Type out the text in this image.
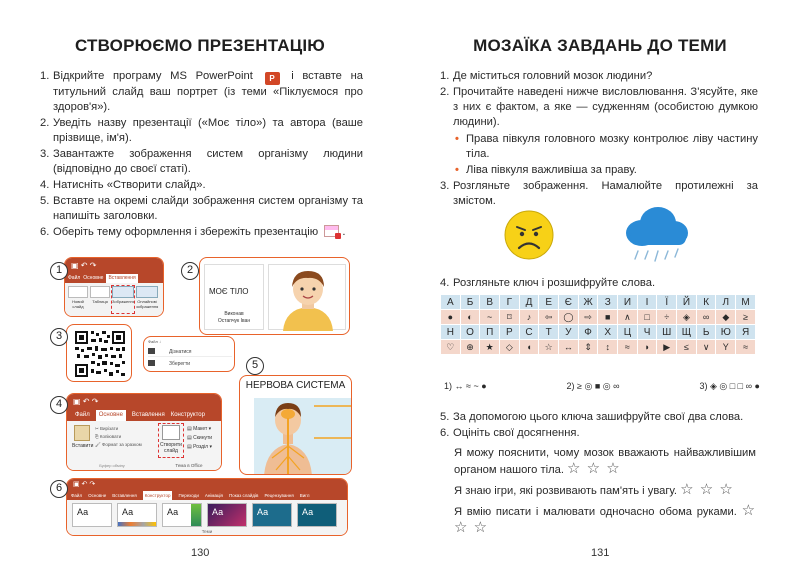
СТВОРЮЄМО ПРЕЗЕНТАЦІЮ
1. Відкрийте програму MS PowerPoint P і вставте на титульний слайд ваш портрет (із теми «Піклуємося про здоров'я»).
2. Уведіть назву презентації («Моє тіло») та автора (ваше прізвище, ім'я).
3. Завантажте зображення систем організму людини (відповідно до своєї статі).
4. Натисніть «Створити слайд».
5. Вставте на окремі слайди зображення систем організму та напишіть заголовки.
6. Оберіть тему оформлення і збережіть презентацію .
▣ ↶ ↷
Файл Основне	Вставлення
Новий слайд
Таблиця	Зображення Онлайнові зображення
1
МОЄ ТІЛО
Виконав
Остапчук Іван
2
3	Файл ↓
Дізнатися
Зберегти
▣ ↶ ↷
Файл	Основне	Вставлення Конструктор
Вставити
✂ Вирізати
⎘ Копіювати
🖌 Формат за зразком
Буфер обміну
Створити слайд
▤ Макет ▾
▤ Скинути
▤ Розділ ▾
Тема в Office
4
НЕРВОВА СИСТЕМА
5
▣ ↶ ↷
Файл Основне Вставлення	Конструктор	Переходи Анімація Показ слайдів Рецензування Вигл
Аа	Аа	Аа	Аа	Аа	Аа
Теми
6
130
МОЗАЇКА ЗАВДАНЬ ДО ТЕМИ
1. Де міститься головний мозок людини?
2. Прочитайте наведені нижче висловлювання. З'ясуйте, яке з них є фактом, а яке — судженням (особистою думкою людини).
• Права півкуля головного мозку контролює ліву частину тіла.
• Ліва півкуля важливіша за праву.
3. Розгляньте зображення. Намалюйте протилежні за змістом.
4. Розгляньте ключ і розшифруйте слова.
А	Б	В	Г	Д	Е	Є	Ж	З	И	І	Ї	Й	К	Л	М
●	◐	~	⌑	♪	⇦	◯	⇨	■	∧	□	÷	◈	∞	◆	≥
Н	О	П	Р	С	Т	У	Ф	Х	Ц	Ч	Ш	Щ	Ь	Ю	Я
♡	⊕	★	◇	◖	☆	↔	⇕	↕	≈	◗	▶	≤	∨	Y	≈
1) ↔ ≈ ~ ●	2) ≥ ◎ ■ ◎ ∞	3) ◈ ◎ □ □ ∞ ●
5. За допомогою цього ключа зашифруйте свої два слова.
6. Оцініть свої досягнення.
Я можу пояснити, чому мозок вважають найважливішим органом нашого тіла. ☆ ☆ ☆
Я знаю ігри, які розвивають пам'ять і увагу. ☆ ☆ ☆
Я вмію писати і малювати одночасно обома руками. ☆ ☆ ☆
131
